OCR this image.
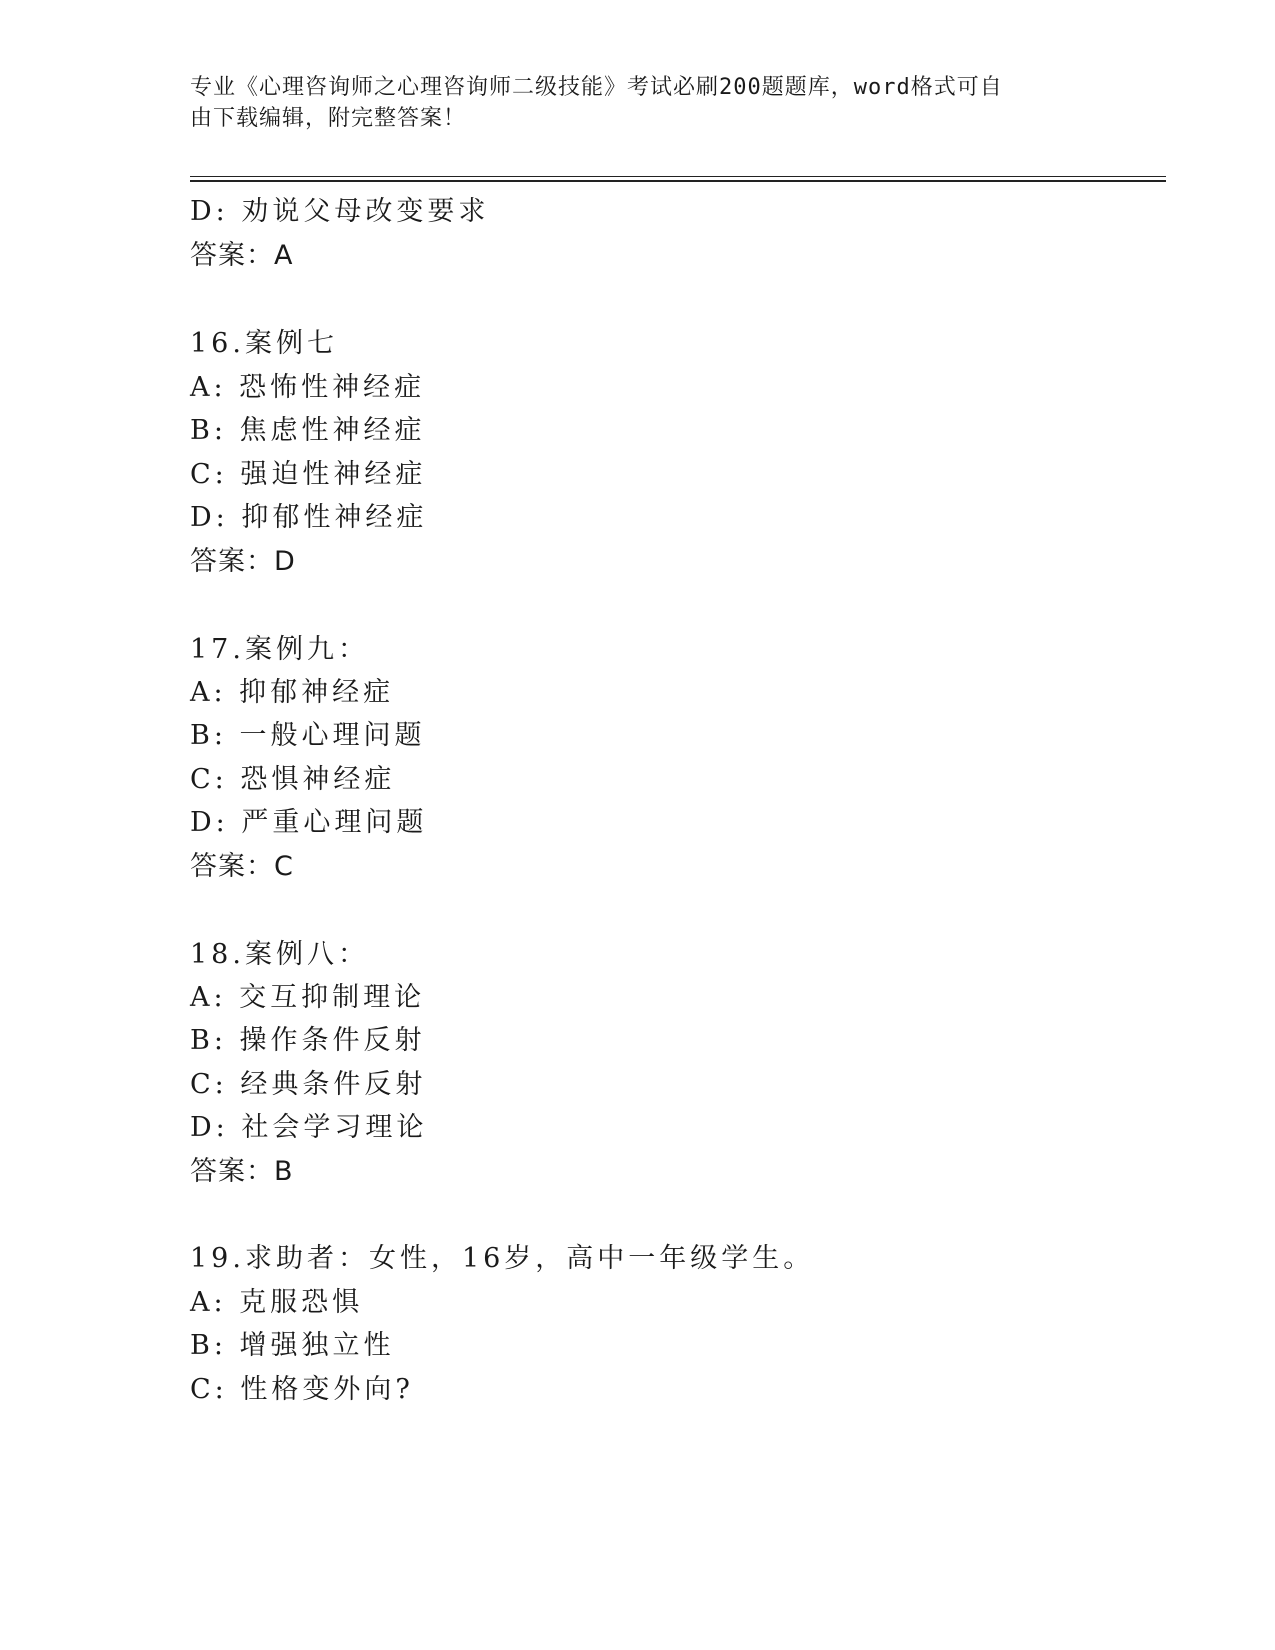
专业《心理咨询师之心理咨询师二级技能》考试必刷200题题库，word格式可自
由下载编辑，附完整答案！
D: 劝说父母改变要求
答案：A
16.案例七
A: 恐怖性神经症
B: 焦虑性神经症
C: 强迫性神经症
D: 抑郁性神经症
答案：D
17.案例九：
A: 抑郁神经症
B: 一般心理问题
C: 恐惧神经症
D: 严重心理问题
答案：C
18.案例八：
A: 交互抑制理论
B: 操作条件反射
C: 经典条件反射
D: 社会学习理论
答案：B
19.求助者：女性，16岁，高中一年级学生。
A: 克服恐惧
B: 增强独立性
C: 性格变外向?
